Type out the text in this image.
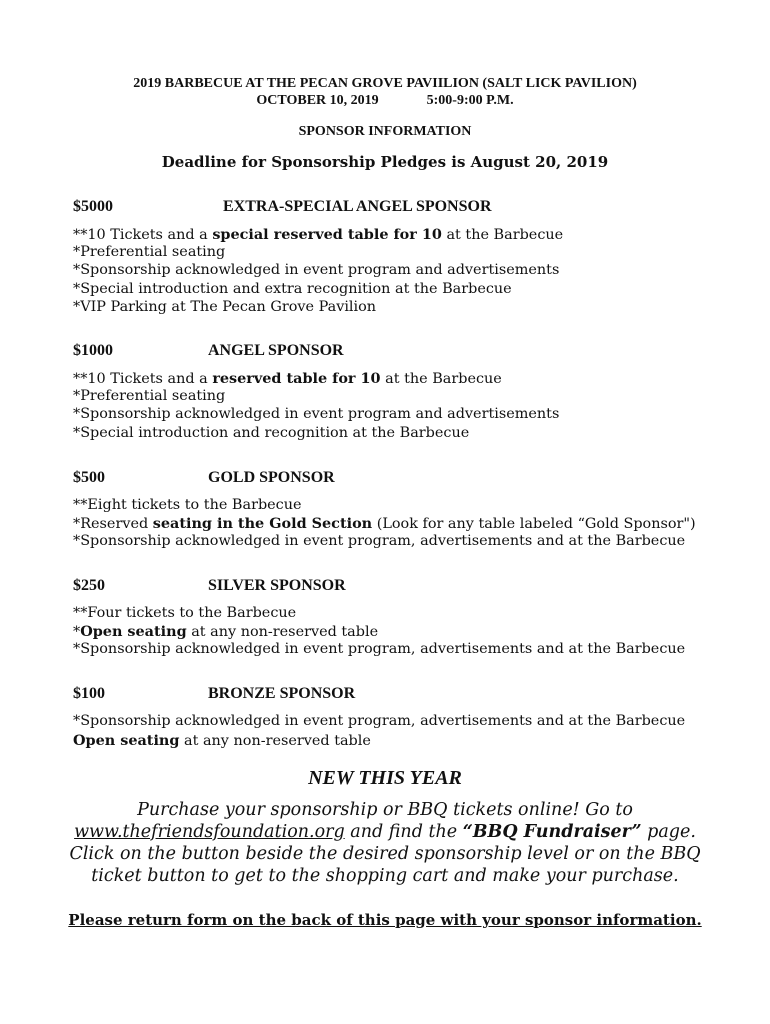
2019 BARBECUE AT THE PECAN GROVE PAVIILION (SALT LICK PAVILION)
OCTOBER 10, 2019	5:00-9:00 P.M.
SPONSOR INFORMATION
Deadline for Sponsorship Pledges is August 20, 2019
$5000	EXTRA-SPECIAL ANGEL SPONSOR
**10 Tickets and a special reserved table for 10 at the Barbecue
*Preferential seating
*Sponsorship acknowledged in event program and advertisements
*Special introduction and extra recognition at the Barbecue
*VIP Parking at The Pecan Grove Pavilion
$1000	ANGEL SPONSOR
**10 Tickets and a reserved table for 10 at the Barbecue
*Preferential seating
*Sponsorship acknowledged in event program and advertisements
*Special introduction and recognition at the Barbecue
$500	GOLD SPONSOR
**Eight tickets to the Barbecue
*Reserved seating in the Gold Section (Look for any table labeled “Gold Sponsor")
*Sponsorship acknowledged in event program, advertisements and at the Barbecue
$250	SILVER SPONSOR
**Four tickets to the Barbecue
*Open seating at any non-reserved table
*Sponsorship acknowledged in event program, advertisements and at the Barbecue
$100	BRONZE SPONSOR
*Sponsorship acknowledged in event program, advertisements and at the Barbecue
Open seating at any non-reserved table
NEW THIS YEAR
Purchase your sponsorship or BBQ tickets online! Go to
www.thefriendsfoundation.org and find the “BBQ Fundraiser” page.
Click on the button beside the desired sponsorship level or on the BBQ
ticket button to get to the shopping cart and make your purchase.
Please return form on the back of this page with your sponsor information.
